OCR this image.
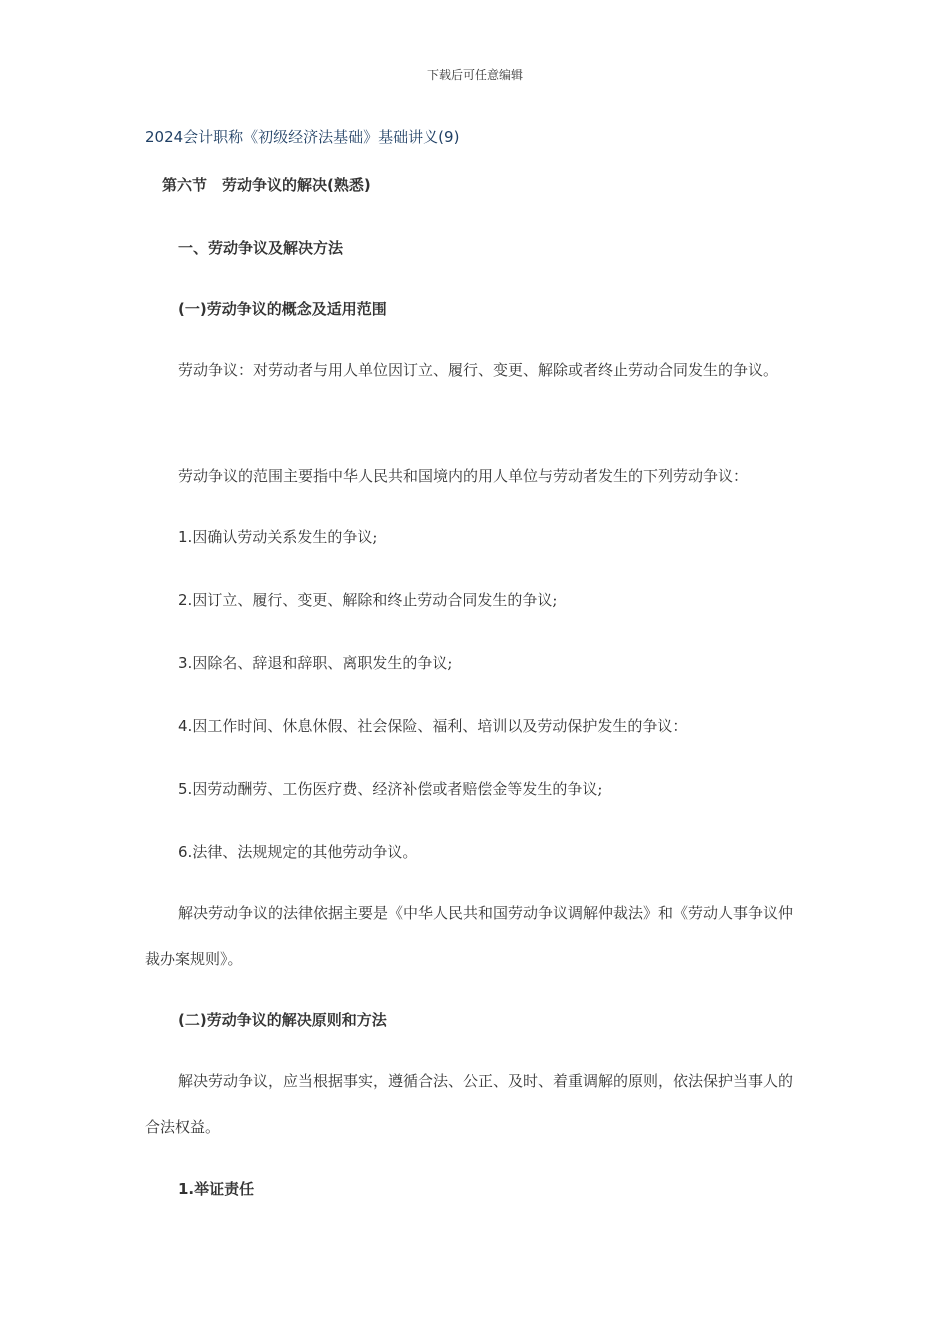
下载后可任意编辑
2024会计职称《初级经济法基础》基础讲义(9)
第六节　劳动争议的解决(熟悉)
一、劳动争议及解决方法
(一)劳动争议的概念及适用范围

劳动争议：对劳动者与用人单位因订立、履行、变更、解除或者终止劳动合同发生的争议。

劳动争议的范围主要指中华人民共和国境内的用人单位与劳动者发生的下列劳动争议：

1.因确认劳动关系发生的争议;
2.因订立、履行、变更、解除和终止劳动合同发生的争议;
3.因除名、辞退和辞职、离职发生的争议;
4.因工作时间、休息休假、社会保险、福利、培训以及劳动保护发生的争议：
5.因劳动酬劳、工伤医疗费、经济补偿或者赔偿金等发生的争议;
6.法律、法规规定的其他劳动争议。

解决劳动争议的法律依据主要是《中华人民共和国劳动争议调解仲裁法》和《劳动人事争议仲裁办案规则》。

(二)劳动争议的解决原则和方法

解决劳动争议，应当根据事实，遵循合法、公正、及时、着重调解的原则，依法保护当事人的合法权益。

1.举证责任
